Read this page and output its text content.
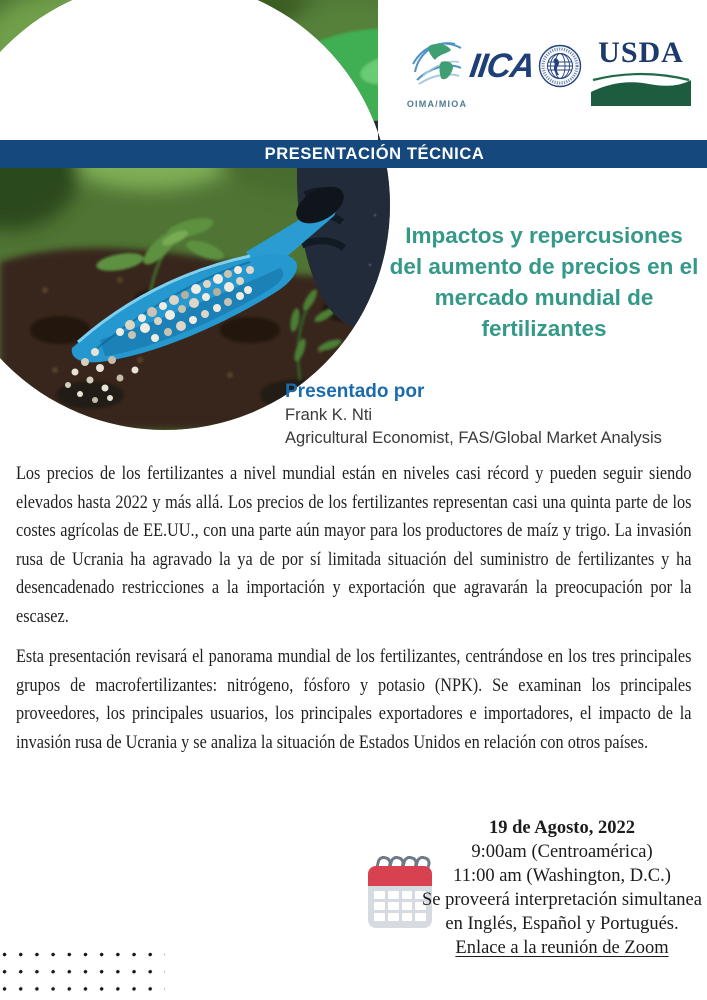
OIMA/MIOA
IICA USDA
PRESENTACIÓN TÉCNICA
Impactos y repercusiones del aumento de precios en el mercado mundial de fertilizantes
Presentado por
Frank K. Nti
Agricultural Economist, FAS/Global Market Analysis

Los precios de los fertilizantes a nivel mundial están en niveles casi récord y pueden seguir siendo elevados hasta 2022 y más allá. Los precios de los fertilizantes representan casi una quinta parte de los costes agrícolas de EE.UU., con una parte aún mayor para los productores de maíz y trigo. La invasión rusa de Ucrania ha agravado la ya de por sí limitada situación del suministro de fertilizantes y ha desencadenado restricciones a la importación y exportación que agravarán la preocupación por la escasez.

Esta presentación revisará el panorama mundial de los fertilizantes, centrándose en los tres principales grupos de macrofertilizantes: nitrógeno, fósforo y potasio (NPK). Se examinan los principales proveedores, los principales usuarios, los principales exportadores e importadores, el impacto de la invasión rusa de Ucrania y se analiza la situación de Estados Unidos en relación con otros países.

19 de Agosto, 2022
9:00am (Centroamérica)
11:00 am (Washington, D.C.)
Se proveerá interpretación simultanea en Inglés, Español y Portugués.
Enlace a la reunión de Zoom
